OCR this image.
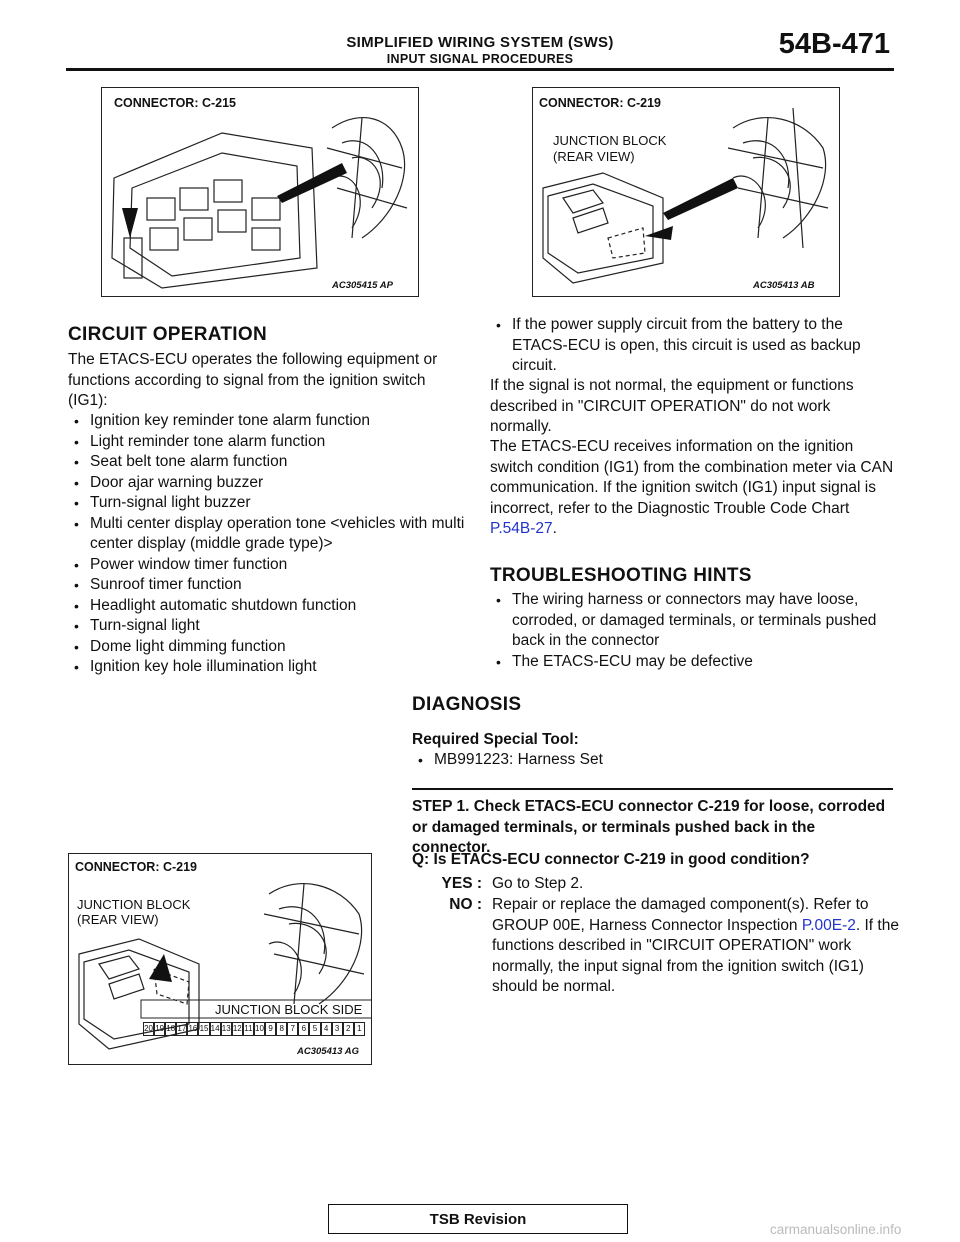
SIMPLIFIED WIRING SYSTEM (SWS)
INPUT SIGNAL PROCEDURES	54B-471
CONNECTOR: C-215
AC305415 AP
CONNECTOR: C-219
JUNCTION BLOCK
(REAR VIEW)
AC305413 AB
CIRCUIT OPERATION
The ETACS-ECU operates the following equipment or functions according to signal from the ignition switch (IG1):
• Ignition key reminder tone alarm function
• Light reminder tone alarm function
• Seat belt tone alarm function
• Door ajar warning buzzer
• Turn-signal light buzzer
• Multi center display operation tone <vehicles with multi center display (middle grade type)>
• Power window timer function
• Sunroof timer function
• Headlight automatic shutdown function
• Turn-signal light
• Dome light dimming function
• Ignition key hole illumination light
• If the power supply circuit from the battery to the ETACS-ECU is open, this circuit is used as backup circuit.
If the signal is not normal, the equipment or functions described in "CIRCUIT OPERATION" do not work normally.
The ETACS-ECU receives information on the ignition switch condition (IG1) from the combination meter via CAN communication. If the ignition switch (IG1) input signal is incorrect, refer to the Diagnostic Trouble Code Chart P.54B-27.
TROUBLESHOOTING HINTS
• The wiring harness or connectors may have loose, corroded, or damaged terminals, or terminals pushed back in the connector
• The ETACS-ECU may be defective
DIAGNOSIS
Required Special Tool:
• MB991223: Harness Set
STEP 1. Check ETACS-ECU connector C-219 for loose, corroded or damaged terminals, or terminals pushed back in the connector.
Q: Is ETACS-ECU connector C-219 in good condition?
YES : Go to Step 2.
NO : Repair or replace the damaged component(s). Refer to GROUP 00E, Harness Connector Inspection P.00E-2. If the functions described in "CIRCUIT OPERATION" work normally, the input signal from the ignition switch (IG1) should be normal.
CONNECTOR: C-219
JUNCTION BLOCK
(REAR VIEW)
JUNCTION BLOCK SIDE
20 19 18 17 16 15 14 13 12 11 10 9 8 7 6 5 4 3 2 1
AC305413 AG
TSB Revision
carmanualsonline.info
